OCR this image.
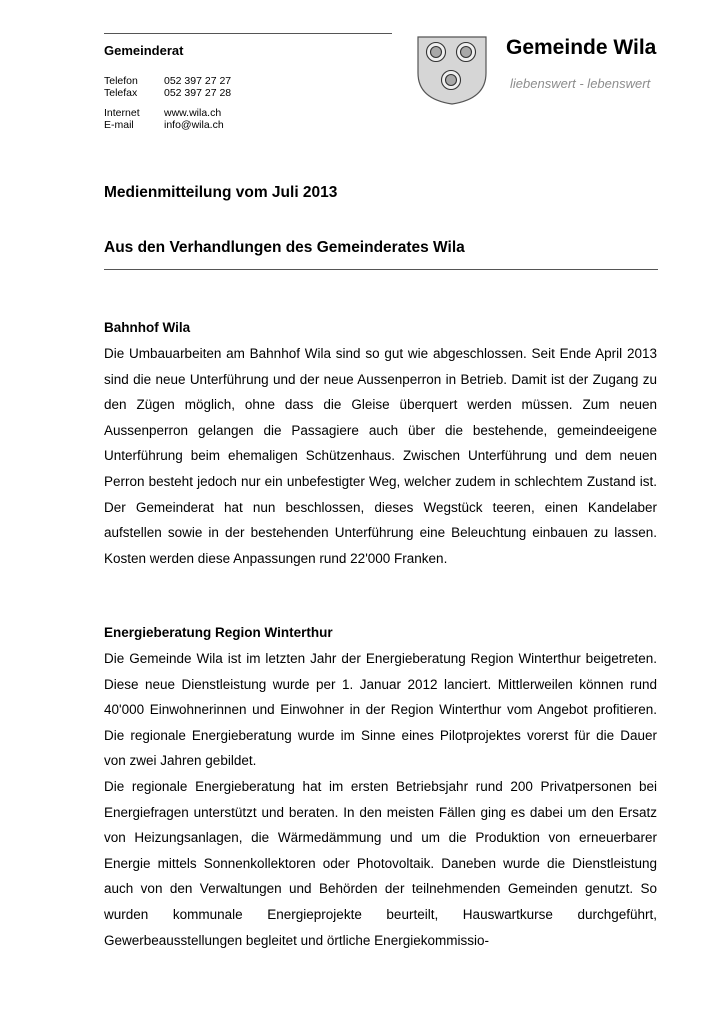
Gemeinderat
Telefon 052 397 27 27
Telefax	052 397 27 28
Internet www.wila.ch
E-mail	info@wila.ch
Gemeinde Wila
liebenswert - lebenswert
Medienmitteilung vom Juli 2013
Aus den Verhandlungen des Gemeinderates Wila
Bahnhof Wila
Die Umbauarbeiten am Bahnhof Wila sind so gut wie abgeschlossen. Seit Ende April 2013 sind die neue Unterführung und der neue Aussenperron in Betrieb. Damit ist der Zugang zu den Zügen möglich, ohne dass die Gleise überquert werden müssen. Zum neuen Aussenperron gelangen die Passagiere auch über die bestehende, gemeindeeigene Unterführung beim ehemaligen Schützenhaus. Zwischen Unterführung und dem neuen Perron besteht jedoch nur ein unbefestigter Weg, welcher zudem in schlechtem Zustand ist. Der Gemeinderat hat nun beschlossen, dieses Wegstück teeren, einen Kandelaber aufstellen sowie in der bestehenden Unterführung eine Beleuchtung einbauen zu lassen. Kosten werden diese Anpassungen rund 22'000 Franken.
Energieberatung Region Winterthur
Die Gemeinde Wila ist im letzten Jahr der Energieberatung Region Winterthur beigetreten. Diese neue Dienstleistung wurde per 1. Januar 2012 lanciert. Mittlerweilen können rund 40'000 Einwohnerinnen und Einwohner in der Region Winterthur vom Angebot profitieren. Die regionale Energieberatung wurde im Sinne eines Pilotprojektes vorerst für die Dauer von zwei Jahren gebildet.
Die regionale Energieberatung hat im ersten Betriebsjahr rund 200 Privatpersonen bei Energiefragen unterstützt und beraten. In den meisten Fällen ging es dabei um den Ersatz von Heizungsanlagen, die Wärmedämmung und um die Produktion von erneuerbarer Energie mittels Sonnenkollektoren oder Photovoltaik. Daneben wurde die Dienstleistung auch von den Verwaltungen und Behörden der teilnehmenden Gemeinden genutzt. So wurden kommunale Energieprojekte beurteilt, Hauswartkurse durchgeführt, Gewerbeausstellungen begleitet und örtliche Energiekommissio-
